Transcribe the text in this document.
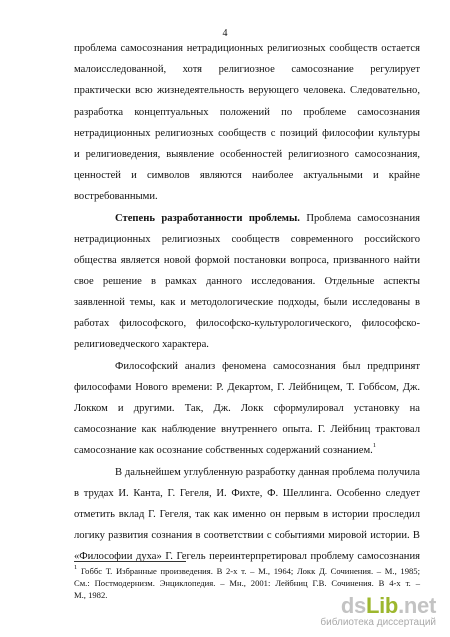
4
проблема самосознания нетрадиционных религиозных сообществ остается
малоисследованной, хотя религиозное самосознание регулирует
практически всю жизнедеятельность верующего человека. Следовательно,
разработка концептуальных положений по проблеме самосознания
нетрадиционных религиозных сообществ с позиций философии культуры
и религиоведения, выявление особенностей религиозного самосознания,
ценностей и символов являются наиболее актуальными и крайне
востребованными.
Степень разработанности проблемы. Проблема самосознания
нетрадиционных религиозных сообществ современного российского
общества является новой формой постановки вопроса, призванного найти
свое решение в рамках данного исследования. Отдельные аспекты
заявленной темы, как и методологические подходы, были исследованы в
работах философского, философско-культурологического, философско-
религиоведческого характера.
Философский анализ феномена самосознания был предпринят
философами Нового времени: Р. Декартом, Г. Лейбницем, Т. Гоббсом, Дж.
Локком и другими. Так, Дж. Локк сформулировал установку на
самосознание как наблюдение внутреннего опыта. Г. Лейбниц трактовал
самосознание как осознание собственных содержаний сознанием.$^1$
В дальнейшем углубленную разработку данная проблема получила
в трудах И. Канта, Г. Гегеля, И. Фихте, Ф. Шеллинга. Особенно следует
отметить вклад Г. Гегеля, так как именно он первым в истории проследил
логику развития сознания в соответствии с событиями мировой истории. В
«Философии духа» Г. Гегель переинтерпретировал проблему самосознания
$^1$ Гоббс Т. Избранные произведения. В 2-х т. – М., 1964; Локк Д. Сочинения. – М., 1985;
См.: Постмодернизм. Энциклопедия. – Мн., 2001: Лейбниц Г.В. Сочинения. В 4-х т. –
М., 1982.	dsLib.net
библиотека диссертаций
